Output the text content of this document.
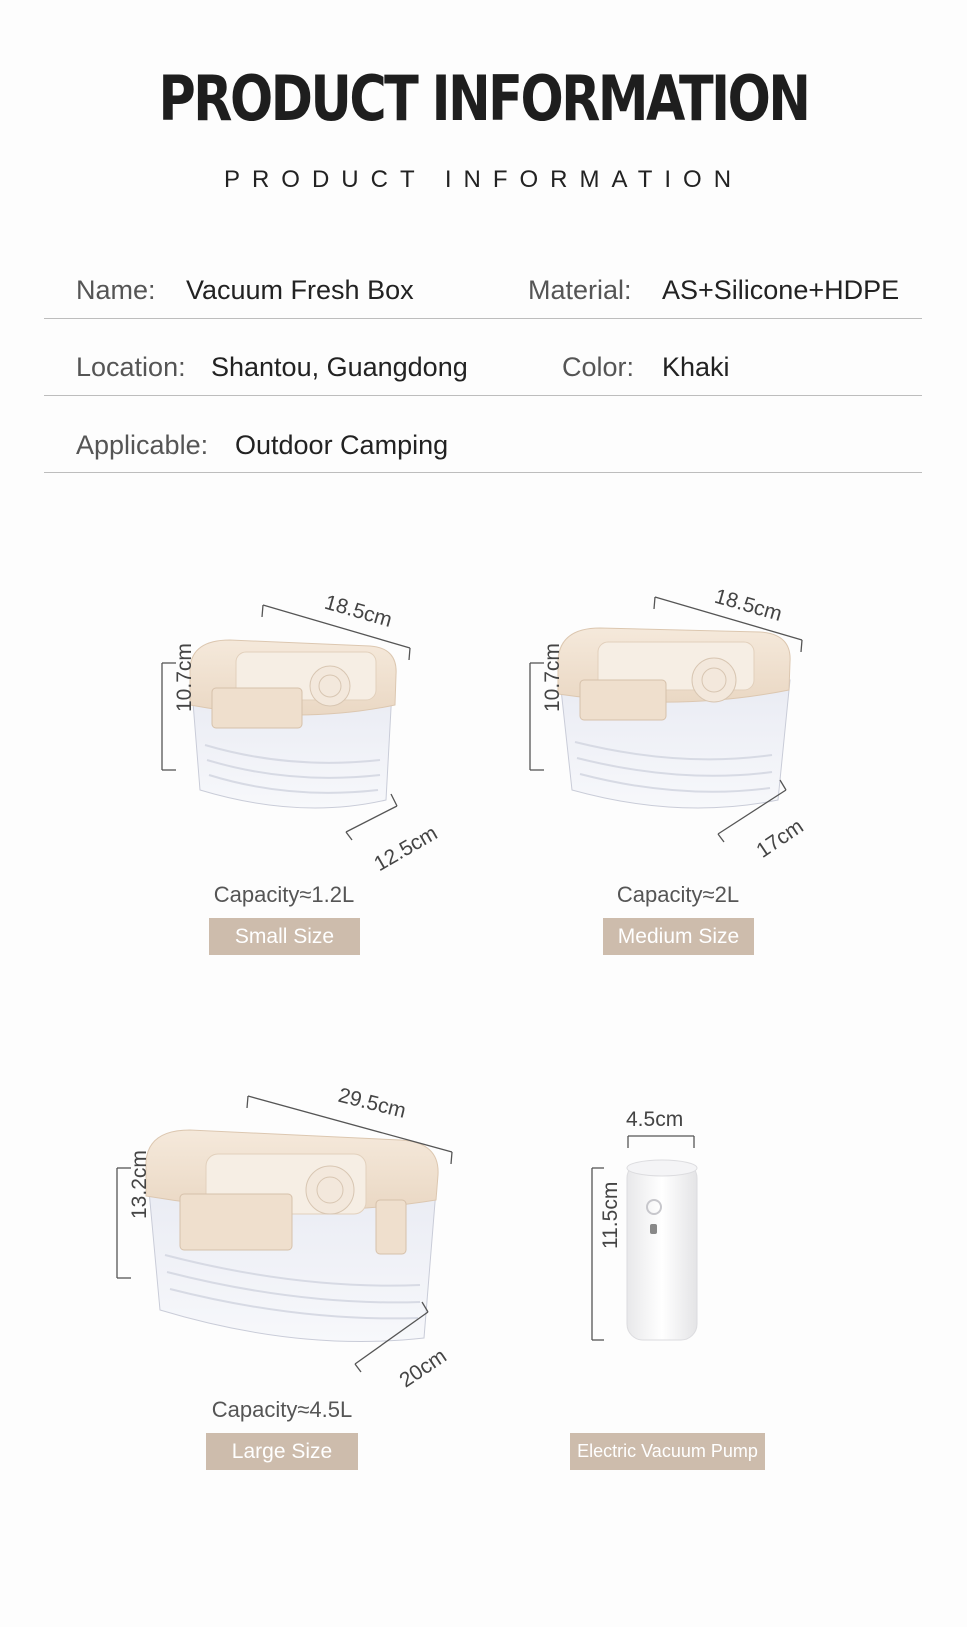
PRODUCT INFORMATION
PRODUCT INFORMATION
Name: Vacuum Fresh Box	Material: AS+Silicone+HDPE
Location: Shantou, Guangdong	Color: Khaki
Applicable: Outdoor Camping
18.5cm
10.7cm
12.5cm
18.5cm
10.7cm
17cm
29.5cm
13.2cm
20cm
4.5cm
11.5cm
Capacity≈1.2L
Small Size
Capacity≈2L
Medium Size
Capacity≈4.5L
Large Size	Electric Vacuum Pump
